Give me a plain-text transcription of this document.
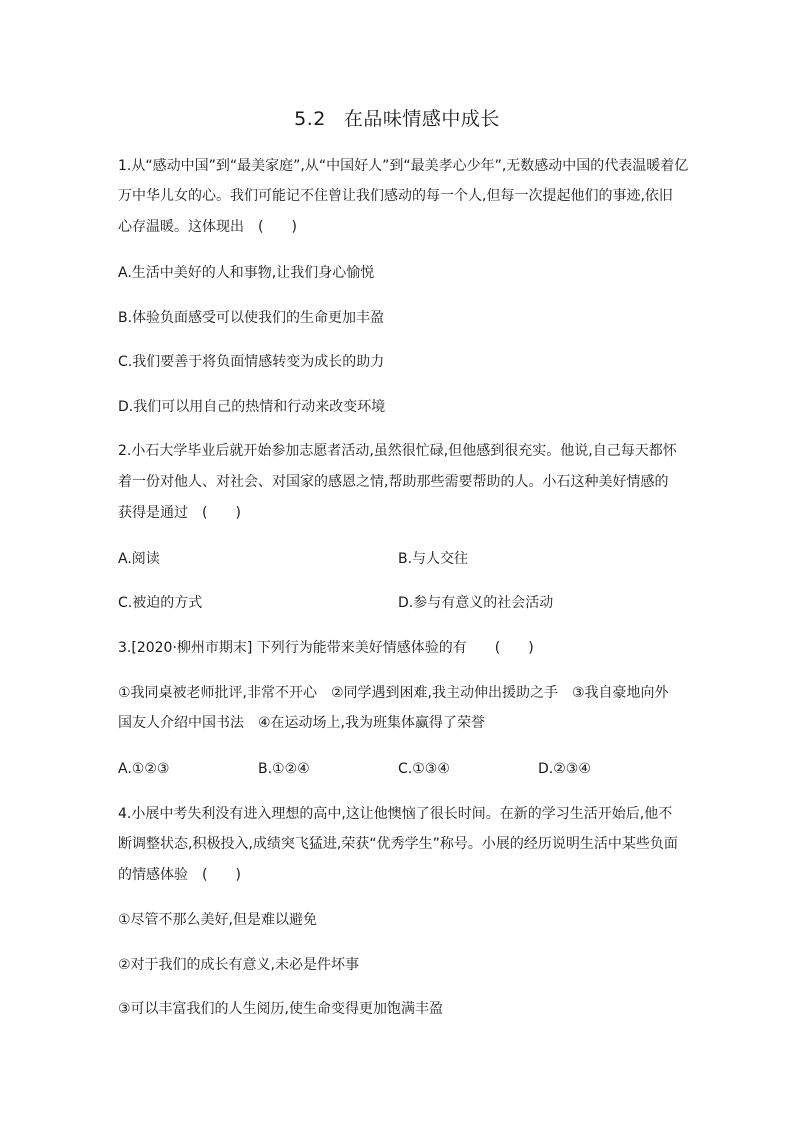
5.2 在品味情感中成长
1.从“感动中国”到“最美家庭”,从“中国好人”到“最美孝心少年”,无数感动中国的代表温暖着亿
万中华儿女的心。我们可能记不住曾让我们感动的每一个人,但每一次提起他们的事迹,依旧
心存温暖。这体现出　(　　)
A.生活中美好的人和事物,让我们身心愉悦
B.体验负面感受可以使我们的生命更加丰盈
C.我们要善于将负面情感转变为成长的助力
D.我们可以用自己的热情和行动来改变环境
2.小石大学毕业后就开始参加志愿者活动,虽然很忙碌,但他感到很充实。他说,自己每天都怀
着一份对他人、对社会、对国家的感恩之情,帮助那些需要帮助的人。小石这种美好情感的
获得是通过　(　　)
A.阅读	B.与人交往
C.被迫的方式	D.参与有意义的社会活动
3.[2020·柳州市期末] 下列行为能带来美好情感体验的有　　(　　)
①我同桌被老师批评,非常不开心　②同学遇到困难,我主动伸出援助之手　③我自豪地向外
国友人介绍中国书法　④在运动场上,我为班集体赢得了荣誉
A.①②③	B.①②④	C.①③④	D.②③④
4.小展中考失利没有进入理想的高中,这让他懊恼了很长时间。在新的学习生活开始后,他不
断调整状态,积极投入,成绩突飞猛进,荣获“优秀学生”称号。小展的经历说明生活中某些负面
的情感体验　(　　)
①尽管不那么美好,但是难以避免
②对于我们的成长有意义,未必是件坏事
③可以丰富我们的人生阅历,使生命变得更加饱满丰盈
